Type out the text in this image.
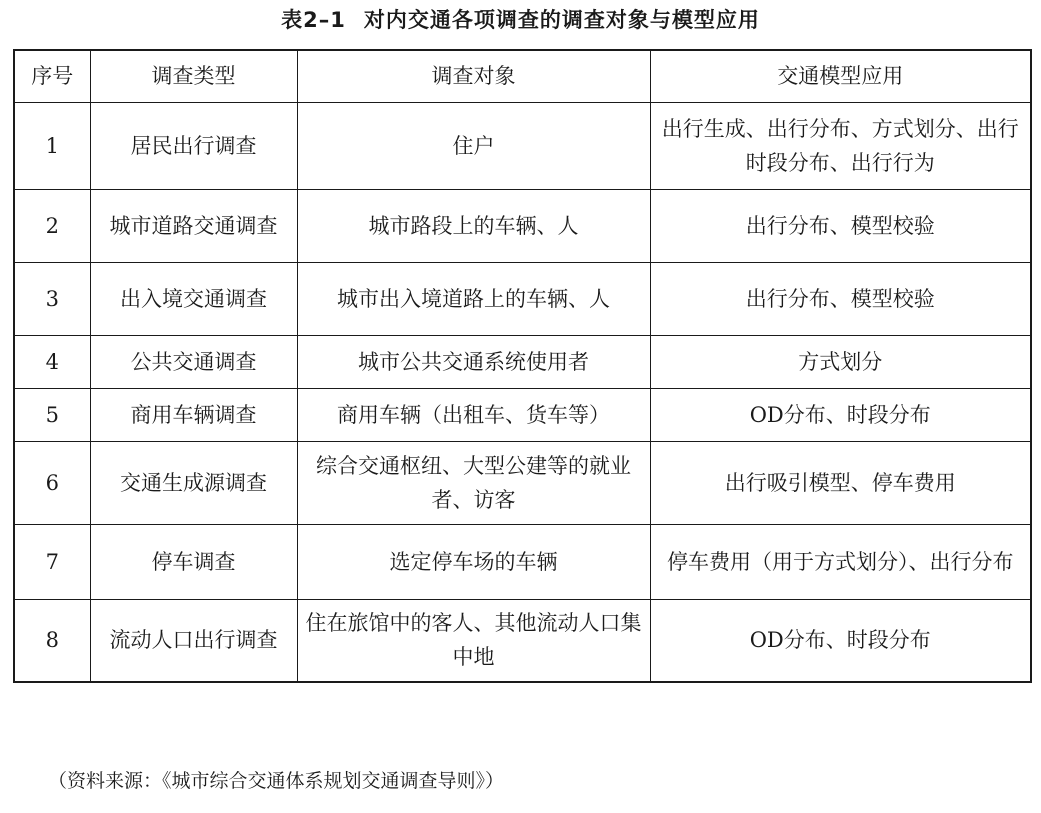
表2–1 对内交通各项调查的调查对象与模型应用
序号	调查类型	调查对象	交通模型应用
1	居民出行调查	住户	出行生成、出行分布、方式划分、出行时段分布、出行行为
2	城市道路交通调查	城市路段上的车辆、人	出行分布、模型校验
3	出入境交通调查	城市出入境道路上的车辆、人	出行分布、模型校验
4	公共交通调查	城市公共交通系统使用者	方式划分
5	商用车辆调查	商用车辆（出租车、货车等）	OD分布、时段分布
6	交通生成源调查	综合交通枢纽、大型公建等的就业者、访客	出行吸引模型、停车费用
7	停车调查	选定停车场的车辆	停车费用（用于方式划分）、出行分布
8	流动人口出行调查	住在旅馆中的客人、其他流动人口集中地	OD分布、时段分布
（资料来源：《城市综合交通体系规划交通调查导则》）
